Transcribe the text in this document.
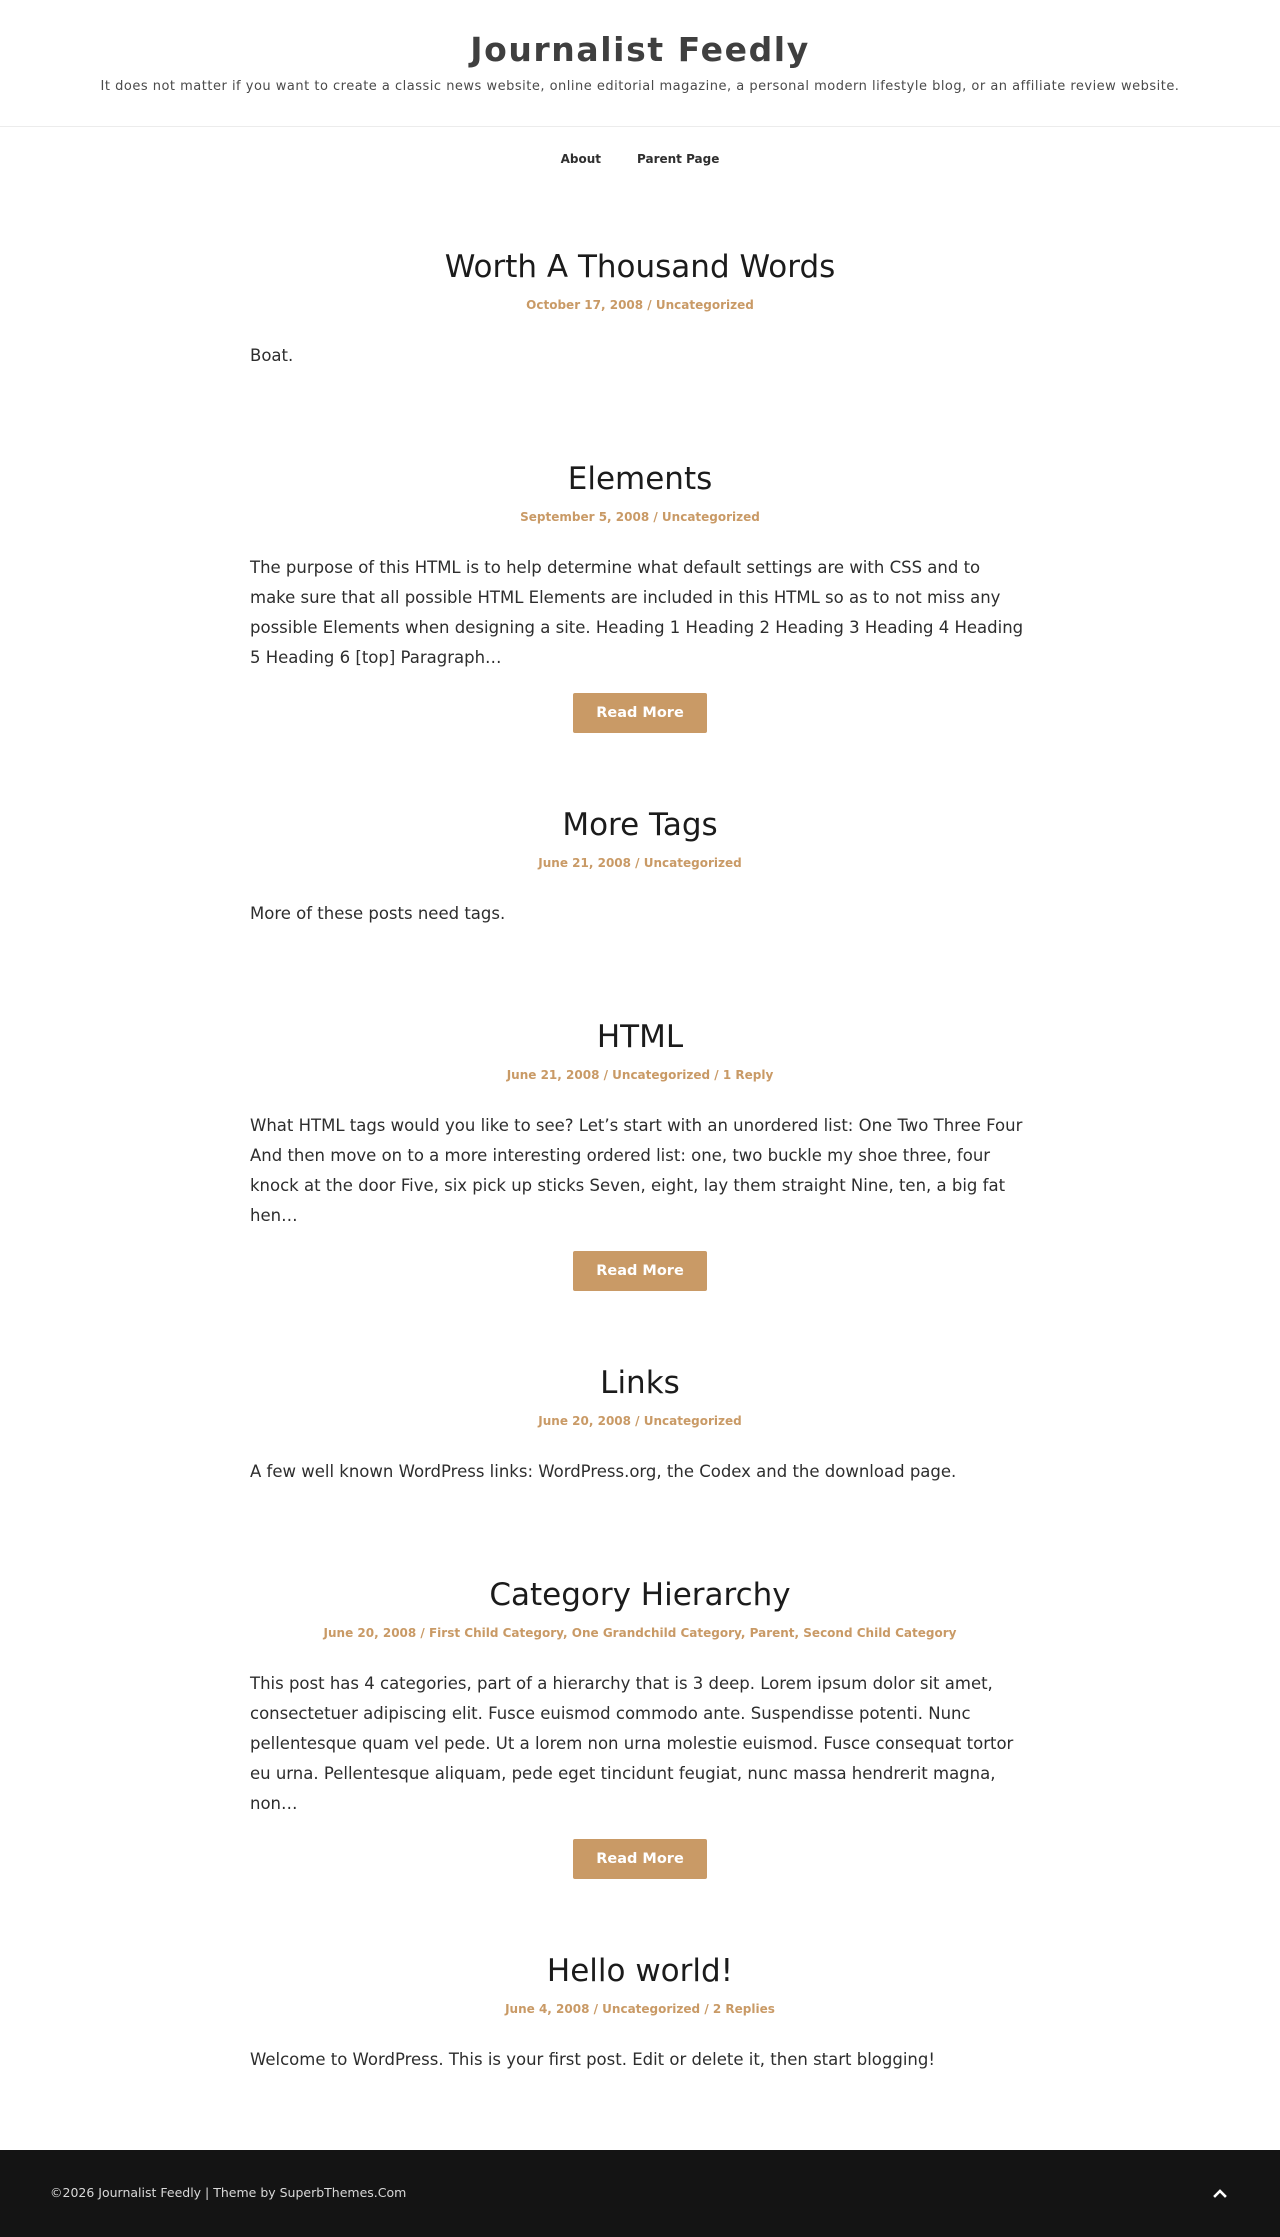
Journalist Feedly

It does not matter if you want to create a classic news website, online editorial magazine, a personal modern lifestyle blog, or an affiliate review website.

About	Parent Page
Worth A Thousand Words
October 17, 2008 / Uncategorized

Boat.

Elements
September 5, 2008 / Uncategorized

The purpose of this HTML is to help determine what default settings are with CSS and to make sure that all possible HTML Elements are included in this HTML so as to not miss any possible Elements when designing a site. Heading 1 Heading 2 Heading 3 Heading 4 Heading 5 Heading 6 [top] Paragraph…

Read More
More Tags
June 21, 2008 / Uncategorized

More of these posts need tags.

HTML
June 21, 2008 / Uncategorized / 1 Reply

What HTML tags would you like to see? Let’s start with an unordered list: One Two Three Four And then move on to a more interesting ordered list: one, two buckle my shoe three, four knock at the door Five, six pick up sticks Seven, eight, lay them straight Nine, ten, a big fat hen…

Read More
Links
June 20, 2008 / Uncategorized

A few well known WordPress links: WordPress.org, the Codex and the download page.

Category Hierarchy
June 20, 2008 / First Child Category, One Grandchild Category, Parent, Second Child Category

This post has 4 categories, part of a hierarchy that is 3 deep. Lorem ipsum dolor sit amet, consectetuer adipiscing elit. Fusce euismod commodo ante. Suspendisse potenti. Nunc pellentesque quam vel pede. Ut a lorem non urna molestie euismod. Fusce consequat tortor eu urna. Pellentesque aliquam, pede eget tincidunt feugiat, nunc massa hendrerit magna, non…

Read More
Hello world!
June 4, 2008 / Uncategorized / 2 Replies

Welcome to WordPress. This is your first post. Edit or delete it, then start blogging!

©2026 Journalist Feedly | Theme by SuperbThemes.Com
